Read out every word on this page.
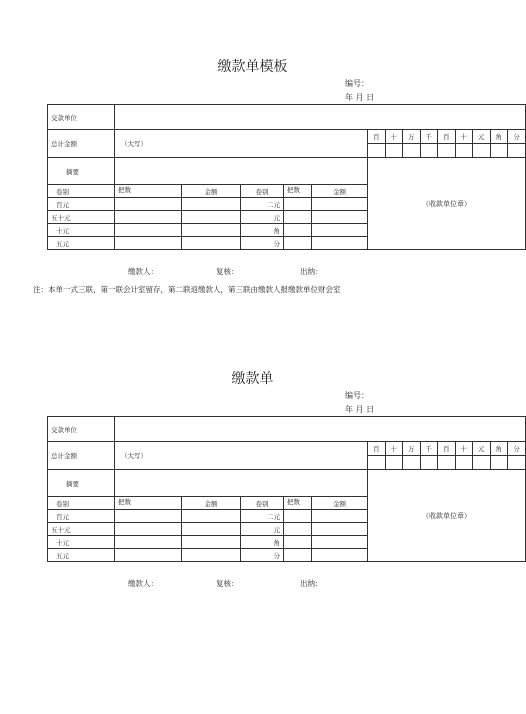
缴款单模板
编号：
年 月 日
交款单位														
总计金额	（大写）					百	十	万	千	百	十	元	角	分

摘要						（收款单位章）								
卷别	把数	金额	卷别	把数	金额									
百元			二元											
五十元			元											
十元			角											
五元			分											
缴款人：	复核：	出纳：
注：本单一式三联，第一联会计室留存，第二联返缴款人，第三联由缴款人报缴款单位财会室
缴款单
编号：
年 月 日
交款单位														
总计金额	（大写）					百	十	万	千	百	十	元	角	分

摘要						（收款单位章）								
卷别	把数	金额	卷别	把数	金额									
百元			二元											
五十元			元											
十元			角											
五元			分											
缴款人：	复核：	出纳:
